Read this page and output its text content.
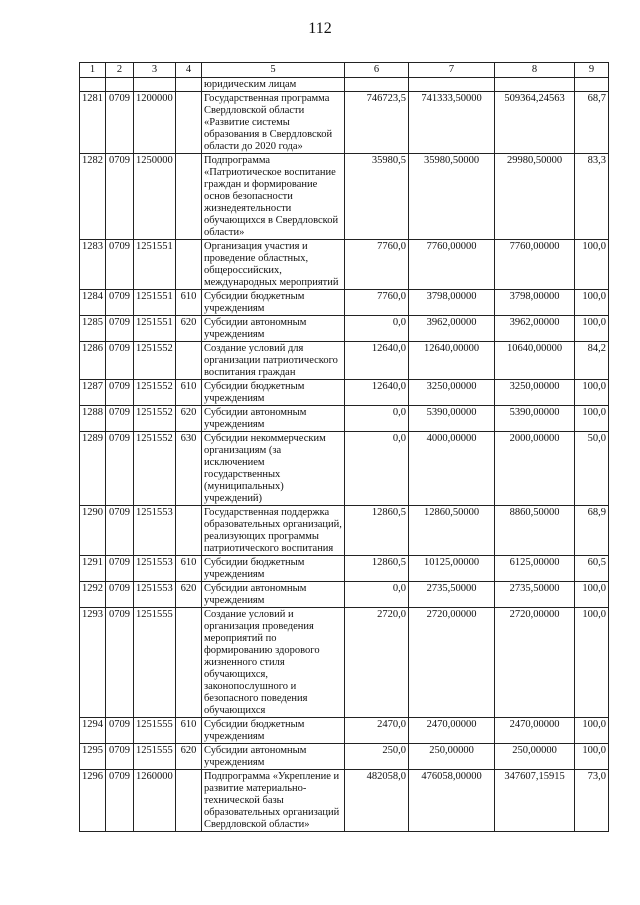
112
1	2	3	4	5	6	7	8	9
				юридическим лицам				
1281	0709	1200000		Государственная программа Свердловской области «Развитие системы образования в Свердловской области до 2020 года»	746723,5	741333,50000	509364,24563	68,7
1282	0709	1250000		Подпрограмма «Патриотическое воспитание граждан и формирование основ безопасности жизнедеятельности обучающихся в Свердловской области»	35980,5	35980,50000	29980,50000	83,3
1283	0709	1251551		Организация участия и проведение областных, общероссийских, международных мероприятий	7760,0	7760,00000	7760,00000	100,0
1284	0709	1251551	610	Субсидии бюджетным учреждениям	7760,0	3798,00000	3798,00000	100,0
1285	0709	1251551	620	Субсидии автономным учреждениям	0,0	3962,00000	3962,00000	100,0
1286	0709	1251552		Создание условий для организации патриотического воспитания граждан	12640,0	12640,00000	10640,00000	84,2
1287	0709	1251552	610	Субсидии бюджетным учреждениям	12640,0	3250,00000	3250,00000	100,0
1288	0709	1251552	620	Субсидии автономным учреждениям	0,0	5390,00000	5390,00000	100,0
1289	0709	1251552	630	Субсидии некоммерческим организациям (за исключением государственных (муниципальных) учреждений)	0,0	4000,00000	2000,00000	50,0
1290	0709	1251553		Государственная поддержка образовательных организаций, реализующих программы патриотического воспитания	12860,5	12860,50000	8860,50000	68,9
1291	0709	1251553	610	Субсидии бюджетным учреждениям	12860,5	10125,00000	6125,00000	60,5
1292	0709	1251553	620	Субсидии автономным учреждениям	0,0	2735,50000	2735,50000	100,0
1293	0709	1251555		Создание условий и организация проведения мероприятий по формированию здорового жизненного стиля обучающихся, законопослушного и безопасного поведения обучающихся	2720,0	2720,00000	2720,00000	100,0
1294	0709	1251555	610	Субсидии бюджетным учреждениям	2470,0	2470,00000	2470,00000	100,0
1295	0709	1251555	620	Субсидии автономным учреждениям	250,0	250,00000	250,00000	100,0
1296	0709	1260000		Подпрограмма «Укрепление и развитие материально-технической базы образовательных организаций Свердловской области»	482058,0	476058,00000	347607,15915	73,0
